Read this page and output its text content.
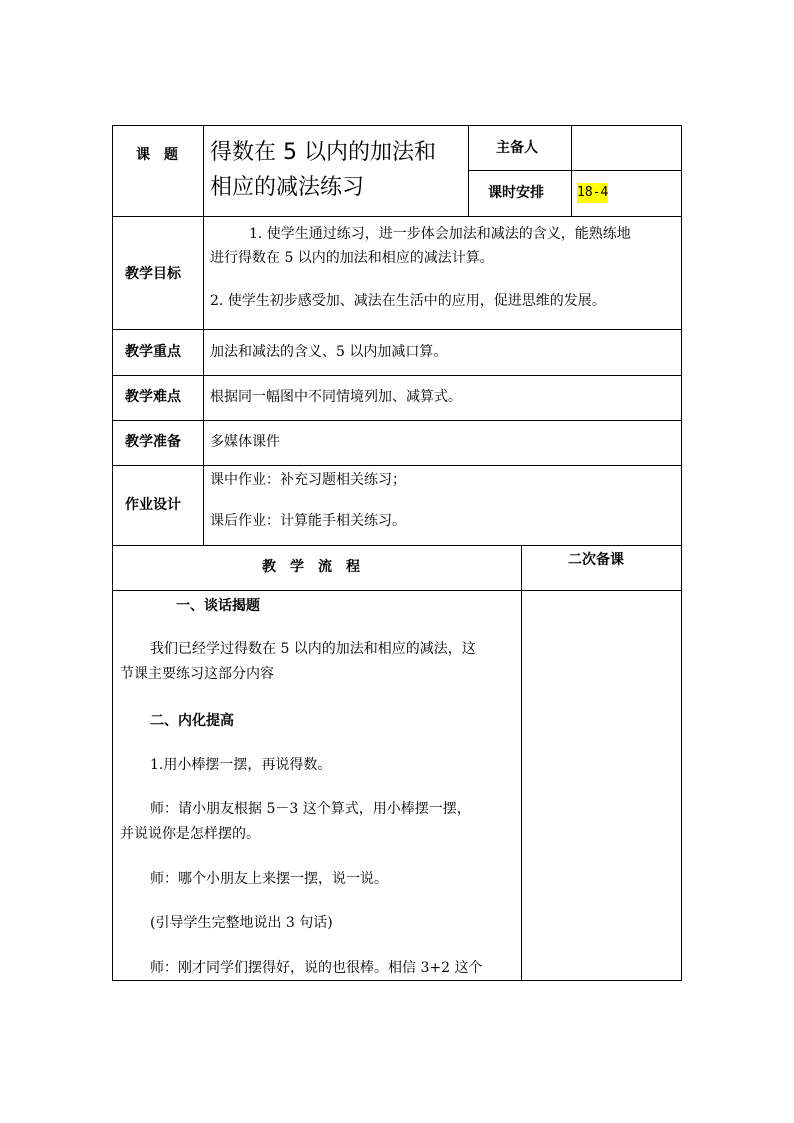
课　题 得数在 5 以内的加法和
相应的减法练习
主备人
课时安排	18-4
教学目标
1. 使学生通过练习，进一步体会加法和减法的含义，能熟练地
进行得数在 5 以内的加法和相应的减法计算。
2. 使学生初步感受加、减法在生活中的应用，促进思维的发展。
教学重点 加法和减法的含义、5 以内加减口算。
教学难点 根据同一幅图中不同情境列加、减算式。
教学准备 多媒体课件
作业设计
课中作业：补充习题相关练习；
课后作业：计算能手相关练习。
教　学　流　程	二次备课
一、谈话揭题
我们已经学过得数在 5 以内的加法和相应的减法，这
节课主要练习这部分内容
二、内化提高
1.用小棒摆一摆，再说得数。
师：请小朋友根据 5－3 这个算式，用小棒摆一摆，
并说说你是怎样摆的。
师：哪个小朋友上来摆一摆，说一说。
(引导学生完整地说出 3 句话)
师：刚才同学们摆得好，说的也很棒。相信 3+2 这个
